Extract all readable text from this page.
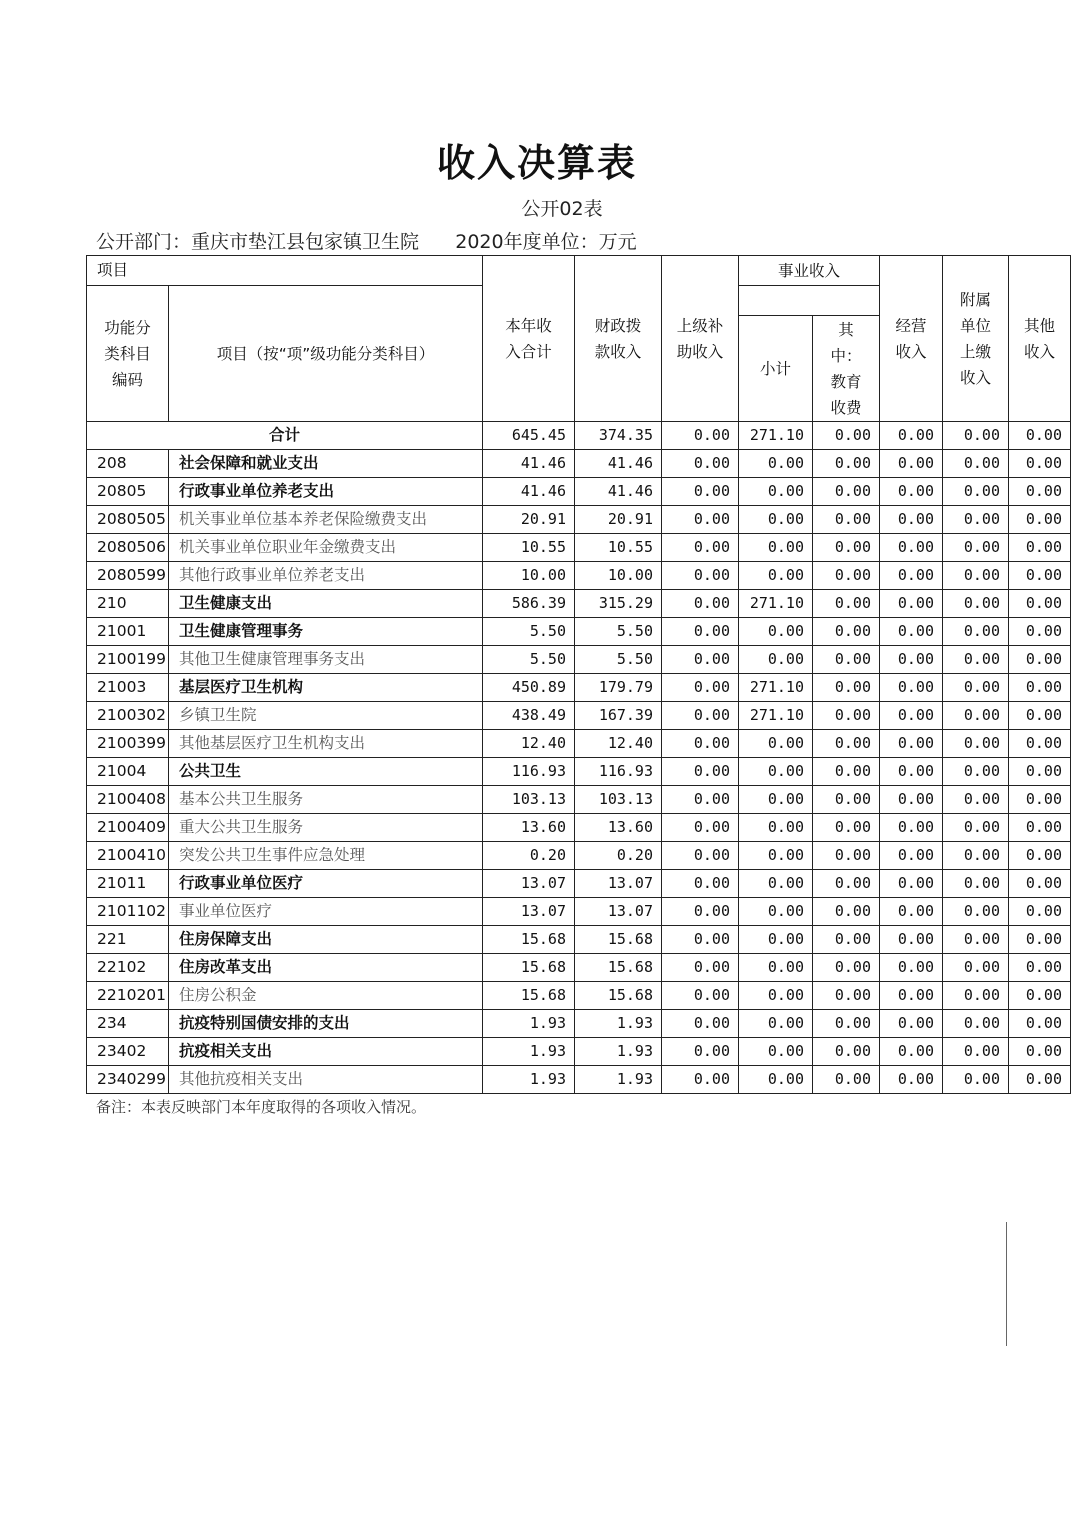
收入决算表
公开02表
公开部门：重庆市垫江县包家镇卫生院      2020年度单位：万元
项目		本年收入合计	财政拨款收入	上级补助收入	事业收入		经营收入	附属单位上缴收入	其他收入

功能分类科目编码	项目（按“项”级功能分类科目）								
					小计	其中：教育收费			

合计		645.45	374.35	0.00	271.10	0.00	0.00	0.00	0.00
208	社会保障和就业支出	41.46	41.46	0.00	0.00	0.00	0.00	0.00	0.00
20805	行政事业单位养老支出	41.46	41.46	0.00	0.00	0.00	0.00	0.00	0.00
2080505	机关事业单位基本养老保险缴费支出	20.91	20.91	0.00	0.00	0.00	0.00	0.00	0.00
2080506	机关事业单位职业年金缴费支出	10.55	10.55	0.00	0.00	0.00	0.00	0.00	0.00
2080599	其他行政事业单位养老支出	10.00	10.00	0.00	0.00	0.00	0.00	0.00	0.00
210	卫生健康支出	586.39	315.29	0.00	271.10	0.00	0.00	0.00	0.00
21001	卫生健康管理事务	5.50	5.50	0.00	0.00	0.00	0.00	0.00	0.00
2100199	其他卫生健康管理事务支出	5.50	5.50	0.00	0.00	0.00	0.00	0.00	0.00
21003	基层医疗卫生机构	450.89	179.79	0.00	271.10	0.00	0.00	0.00	0.00
2100302	乡镇卫生院	438.49	167.39	0.00	271.10	0.00	0.00	0.00	0.00
2100399	其他基层医疗卫生机构支出	12.40	12.40	0.00	0.00	0.00	0.00	0.00	0.00
21004	公共卫生	116.93	116.93	0.00	0.00	0.00	0.00	0.00	0.00
2100408	基本公共卫生服务	103.13	103.13	0.00	0.00	0.00	0.00	0.00	0.00
2100409	重大公共卫生服务	13.60	13.60	0.00	0.00	0.00	0.00	0.00	0.00
2100410	突发公共卫生事件应急处理	0.20	0.20	0.00	0.00	0.00	0.00	0.00	0.00
21011	行政事业单位医疗	13.07	13.07	0.00	0.00	0.00	0.00	0.00	0.00
2101102	事业单位医疗	13.07	13.07	0.00	0.00	0.00	0.00	0.00	0.00
221	住房保障支出	15.68	15.68	0.00	0.00	0.00	0.00	0.00	0.00
22102	住房改革支出	15.68	15.68	0.00	0.00	0.00	0.00	0.00	0.00
2210201	住房公积金	15.68	15.68	0.00	0.00	0.00	0.00	0.00	0.00
234	抗疫特别国债安排的支出	1.93	1.93	0.00	0.00	0.00	0.00	0.00	0.00
23402	抗疫相关支出	1.93	1.93	0.00	0.00	0.00	0.00	0.00	0.00
2340299	其他抗疫相关支出	1.93	1.93	0.00	0.00	0.00	0.00	0.00	0.00
备注：本表反映部门本年度取得的各项收入情况。
